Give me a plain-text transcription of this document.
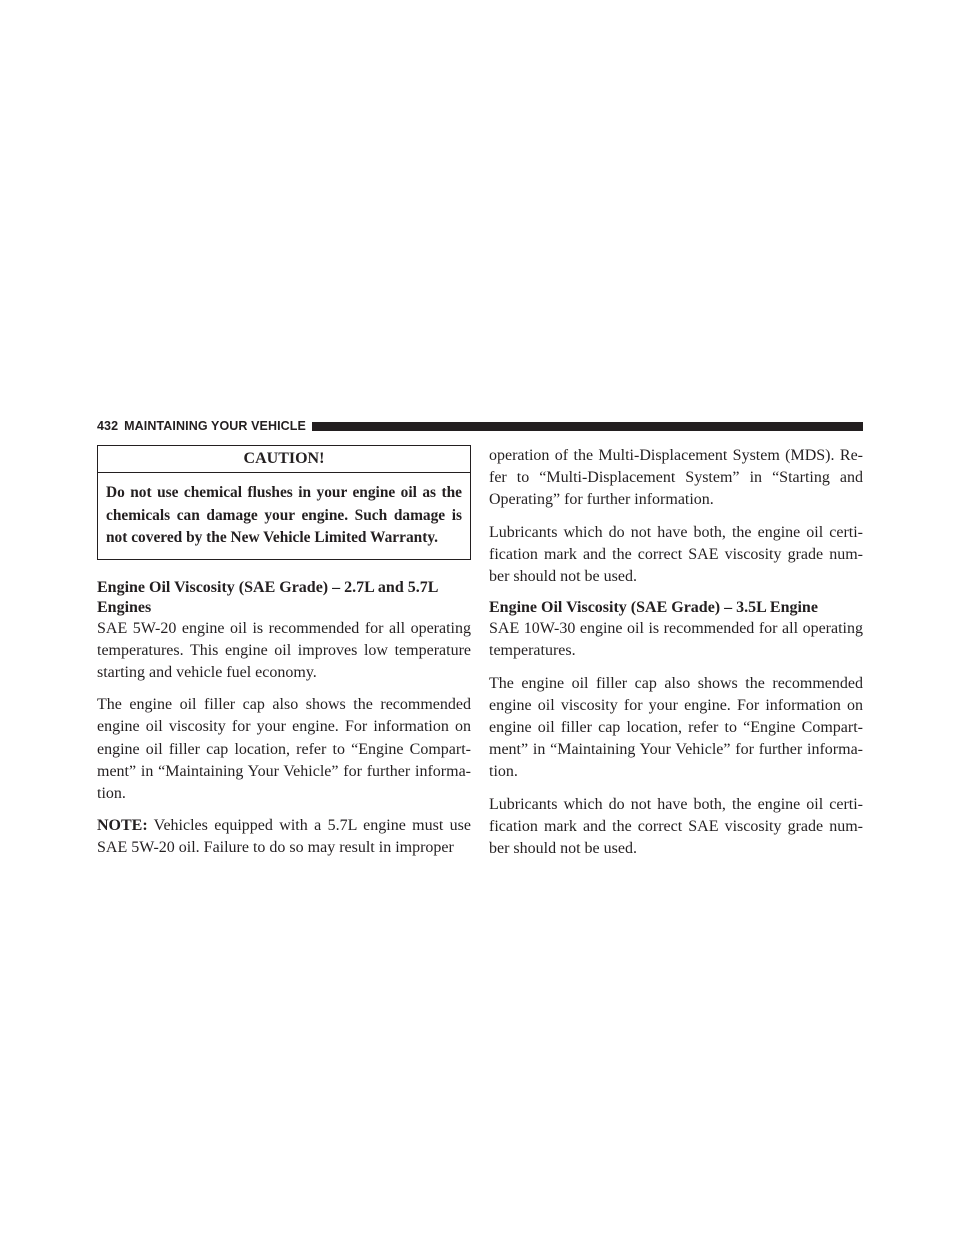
432 MAINTAINING YOUR VEHICLE
CAUTION!
Do not use chemical flushes in your engine oil as the chemicals can damage your engine. Such damage is not covered by the New Vehicle Limited Warranty.
Engine Oil Viscosity (SAE Grade) – 2.7L and 5.7L Engines

SAE 5W-20 engine oil is recommended for all operating temperatures. This engine oil improves low temperature starting and vehicle fuel economy.

The engine oil filler cap also shows the recommended engine oil viscosity for your engine. For information on engine oil filler cap location, refer to “Engine Compart-ment” in “Maintaining Your Vehicle” for further informa-tion.

NOTE: Vehicles equipped with a 5.7L engine must use SAE 5W-20 oil. Failure to do so may result in improper

operation of the Multi-Displacement System (MDS). Re-fer to “Multi-Displacement System” in “Starting and Operating” for further information.

Lubricants which do not have both, the engine oil certi-fication mark and the correct SAE viscosity grade num-ber should not be used.

Engine Oil Viscosity (SAE Grade) – 3.5L Engine

SAE 10W-30 engine oil is recommended for all operating temperatures.

The engine oil filler cap also shows the recommended engine oil viscosity for your engine. For information on engine oil filler cap location, refer to “Engine Compart-ment” in “Maintaining Your Vehicle” for further informa-tion.

Lubricants which do not have both, the engine oil certi-fication mark and the correct SAE viscosity grade num-ber should not be used.
